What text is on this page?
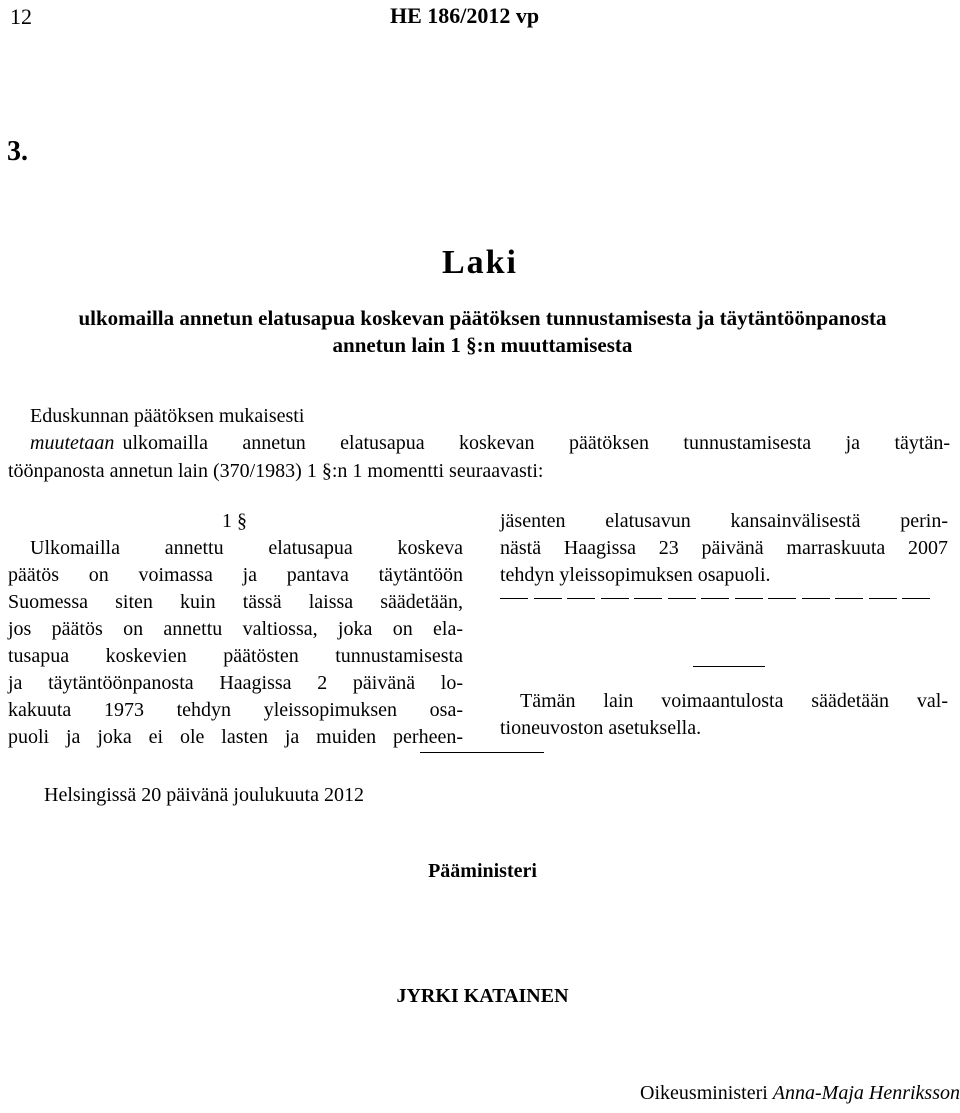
12	HE 186/2012 vp
3.
Laki
ulkomailla annetun elatusapua koskevan päätöksen tunnustamisesta ja täytäntöönpanosta
annetun lain 1 §:n muuttamisesta
Eduskunnan päätöksen mukaisesti
muutetaan ulkomailla annetun elatusapua koskevan päätöksen tunnustamisesta ja täytän-
töönpanosta annetun lain (370/1983) 1 §:n 1 momentti seuraavasti:
1 §
Ulkomailla annettu elatusapua koskeva
päätös on voimassa ja pantava täytäntöön
Suomessa siten kuin tässä laissa säädetään,
jos päätös on annettu valtiossa, joka on ela-
tusapua koskevien päätösten tunnustamisesta
ja täytäntöönpanosta Haagissa 2 päivänä lo-
kakuuta 1973 tehdyn yleissopimuksen osa-
puoli ja joka ei ole lasten ja muiden perheen-
jäsenten elatusavun kansainvälisestä perin-
nästä Haagissa 23 päivänä marraskuuta 2007
tehdyn yleissopimuksen osapuoli.
Tämän lain voimaantulosta säädetään val-
tioneuvoston asetuksella.
Helsingissä 20 päivänä joulukuuta 2012
Pääministeri
JYRKI KATAINEN
Oikeusministeri Anna-Maja Henriksson
